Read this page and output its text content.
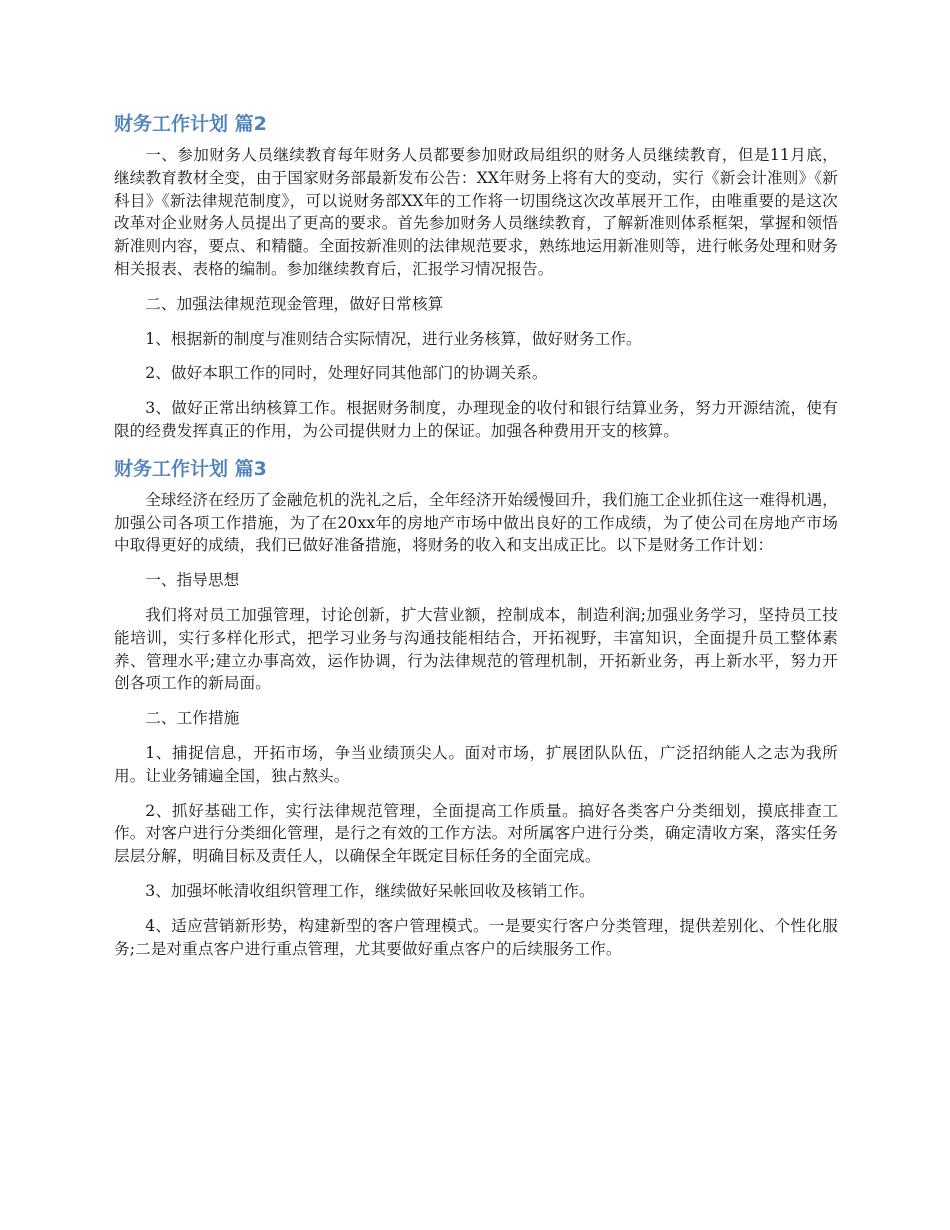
财务工作计划 篇2

一、参加财务人员继续教育每年财务人员都要参加财政局组织的财务人员继续教育，但是11月底，继续教育教材全变，由于国家财务部最新发布公告：XX年财务上将有大的变动，实行《新会计准则》《新科目》《新法律规范制度》，可以说财务部XX年的工作将一切围绕这次改革展开工作，由唯重要的是这次改革对企业财务人员提出了更高的要求。首先参加财务人员继续教育，了解新准则体系框架，掌握和领悟新准则内容，要点、和精髓。全面按新准则的法律规范要求，熟练地运用新准则等，进行帐务处理和财务相关报表、表格的编制。参加继续教育后，汇报学习情况报告。

二、加强法律规范现金管理，做好日常核算

1、根据新的制度与准则结合实际情况，进行业务核算，做好财务工作。

2、做好本职工作的同时，处理好同其他部门的协调关系。

3、做好正常出纳核算工作。根据财务制度，办理现金的收付和银行结算业务，努力开源结流，使有限的经费发挥真正的作用，为公司提供财力上的保证。加强各种费用开支的核算。

财务工作计划 篇3

全球经济在经历了金融危机的洗礼之后，全年经济开始缓慢回升，我们施工企业抓住这一难得机遇，加强公司各项工作措施，为了在20xx年的房地产市场中做出良好的工作成绩，为了使公司在房地产市场中取得更好的成绩，我们已做好准备措施，将财务的收入和支出成正比。以下是财务工作计划：

一、指导思想

我们将对员工加强管理，讨论创新，扩大营业额，控制成本，制造利润;加强业务学习，坚持员工技能培训，实行多样化形式，把学习业务与沟通技能相结合，开拓视野，丰富知识，全面提升员工整体素养、管理水平;建立办事高效，运作协调，行为法律规范的管理机制，开拓新业务，再上新水平，努力开创各项工作的新局面。

二、工作措施

1、捕捉信息，开拓市场，争当业绩顶尖人。面对市场，扩展团队队伍，广泛招纳能人之志为我所用。让业务铺遍全国，独占熬头。

2、抓好基础工作，实行法律规范管理，全面提高工作质量。搞好各类客户分类细划，摸底排查工作。对客户进行分类细化管理，是行之有效的工作方法。对所属客户进行分类，确定清收方案，落实任务层层分解，明确目标及责任人，以确保全年既定目标任务的全面完成。

3、加强坏帐清收组织管理工作，继续做好呆帐回收及核销工作。

4、适应营销新形势，构建新型的客户管理模式。一是要实行客户分类管理，提供差别化、个性化服务;二是对重点客户进行重点管理，尤其要做好重点客户的后续服务工作。
